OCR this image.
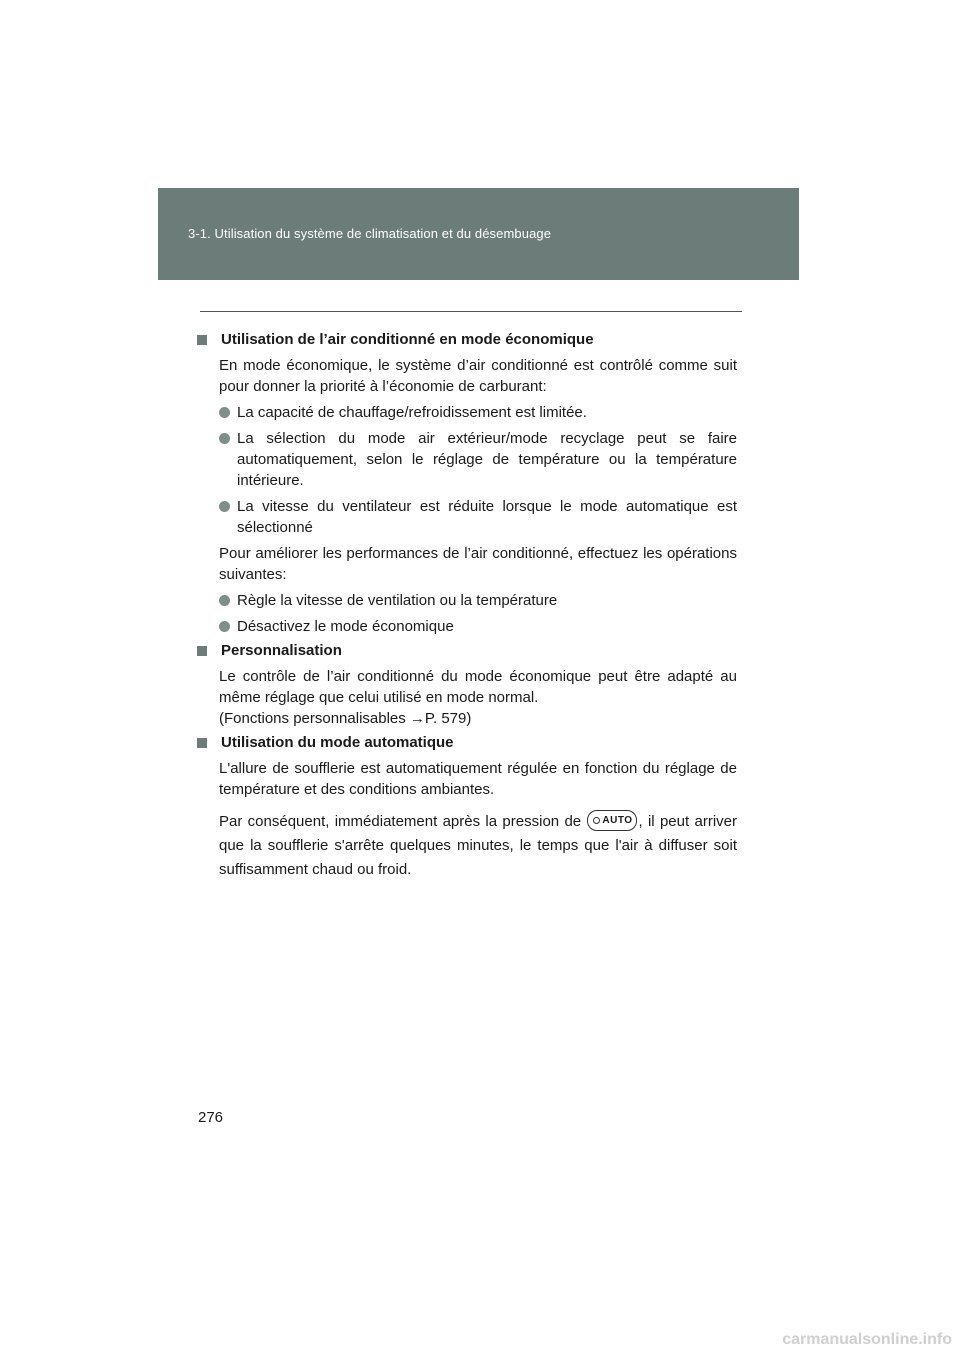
3-1. Utilisation du système de climatisation et du désembuage
Utilisation de l’air conditionné en mode économique
En mode économique, le système d’air conditionné est contrôlé comme suit pour donner la priorité à l’économie de carburant:
La capacité de chauffage/refroidissement est limitée.
La sélection du mode air extérieur/mode recyclage peut se faire automatiquement, selon le réglage de température ou la température intérieure.
La vitesse du ventilateur est réduite lorsque le mode automatique est sélectionné
Pour améliorer les performances de l’air conditionné, effectuez les opérations suivantes:
Règle la vitesse de ventilation ou la température
Désactivez le mode économique
Personnalisation
Le contrôle de l’air conditionné du mode économique peut être adapté au même réglage que celui utilisé en mode normal.
(Fonctions personnalisables →P. 579)
Utilisation du mode automatique
L'allure de soufflerie est automatiquement régulée en fonction du réglage de température et des conditions ambiantes.
Par conséquent, immédiatement après la pression de AUTO , il peut arriver que la soufflerie s'arrête quelques minutes, le temps que l'air à diffuser soit suffisamment chaud ou froid.
276
carmanualsonline.info
